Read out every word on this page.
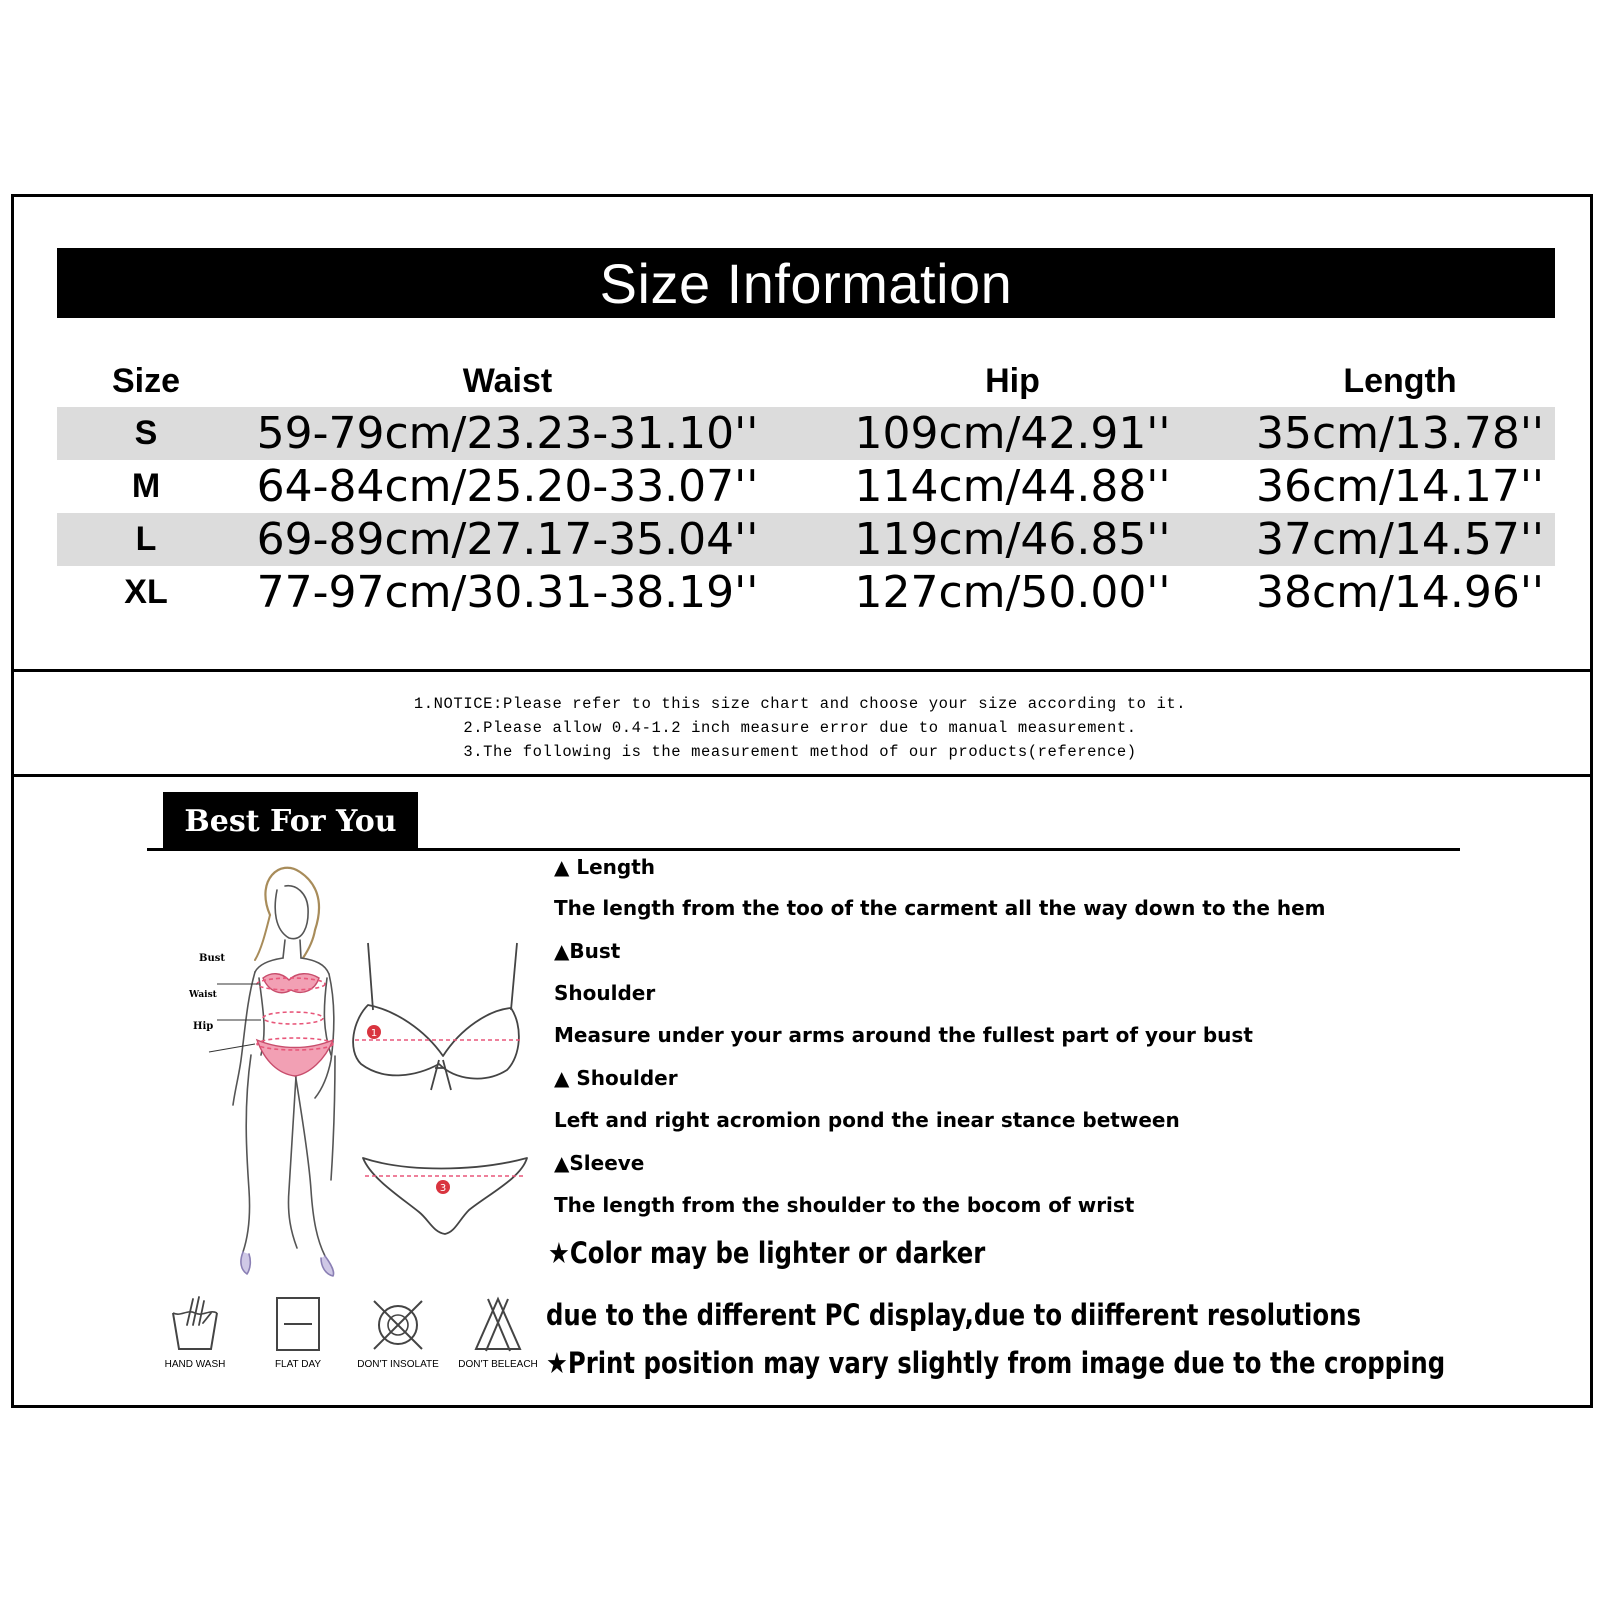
Size Information
Size	Waist	Hip	Length
S	59-79cm/23.23-31.10''	109cm/42.91''	35cm/13.78''
M	64-84cm/25.20-33.07''	114cm/44.88''	36cm/14.17''
L	69-89cm/27.17-35.04''	119cm/46.85''	37cm/14.57''
XL	77-97cm/30.31-38.19''	127cm/50.00''	38cm/14.96''
1.NOTICE:Please refer to this size chart and choose your size according to it.
2.Please allow 0.4-1.2 inch measure error due to manual measurement.
3.The following is the measurement method of our products(reference)
Best For You
Bust
Waist
Hip
1
3
▲ Length
The length from the too of the carment all the way down to the hem
▲Bust
Shoulder
Measure under your arms around the fullest part of your bust
▲ Shoulder
Left and right acromion pond the inear stance between
▲Sleeve
The length from the shoulder to the bocom of wrist
★Color may be lighter or darker
due to the different PC display,due to diifferent resolutions
★Print position may vary slightly from image due to the cropping
HAND WASH	FLAT DAY	DON'T INSOLATE	DON'T BELEACH
